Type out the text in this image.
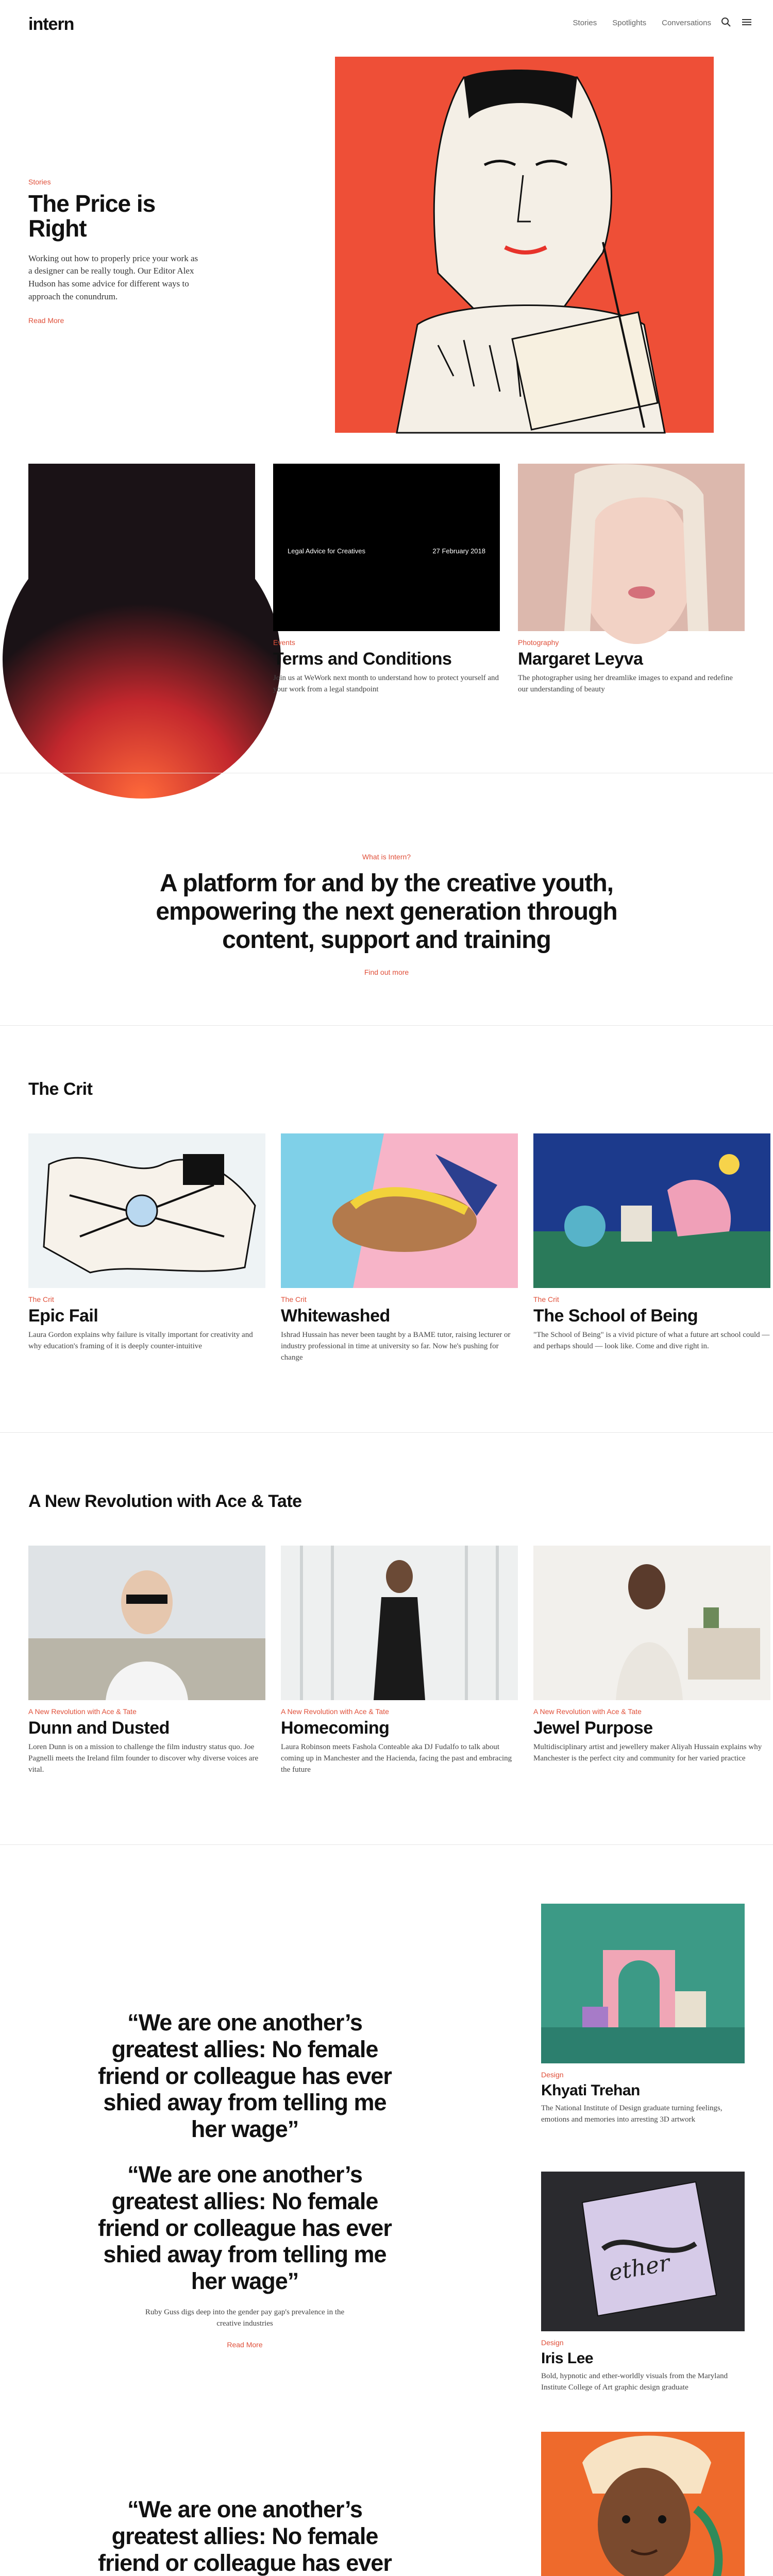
intern	Stories Spotlights Conversations
Stories
The Price is Right
Working out how to properly price your work as a designer can be really tough. Our Editor Alex Hudson has some advice for different ways to approach the conundrum.
Read More
Legal Advice for Creatives	27 February 2018
Events
Terms and Conditions
Join us at WeWork next month to understand how to protect yourself and your work from a legal standpoint
Photography
Margaret Leyva
The photographer using her dreamlike images to expand and redefine our understanding of beauty
What is Intern?
A platform for and by the creative youth, empowering the next generation through content, support and training
Find out more
The Crit
The Crit
Epic Fail
Laura Gordon explains why failure is vitally important for creativity and why education's framing of it is deeply counter-intuitive
The Crit
Whitewashed
Ishrad Hussain has never been taught by a BAME tutor, raising lecturer or industry professional in time at university so far. Now he's pushing for change
The Crit
The School of Being
"The School of Being" is a vivid picture of what a future art school could — and perhaps should — look like. Come and dive right in.
A New Revolution with Ace & Tate
A New Revolution with Ace & Tate
Dunn and Dusted
Loren Dunn is on a mission to challenge the film industry status quo. Joe Pagnelli meets the Ireland film founder to discover why diverse voices are vital.
A New Revolution with Ace & Tate
Homecoming
Laura Robinson meets Fashola Conteable aka DJ Fudalfo to talk about coming up in Manchester and the Hacienda, facing the past and embracing the future
A New Revolution with Ace & Tate
Jewel Purpose
Multidisciplinary artist and jewellery maker Aliyah Hussain explains why Manchester is the perfect city and community for her varied practice
“We are one another’s greatest allies: No female friend or colleague has ever shied away from telling me her wage”
“We are one another’s greatest allies: No female friend or colleague has ever shied away from telling me her wage”
Ruby Guss digs deep into the gender pay gap's prevalence in the creative industries
Read More
“We are one another’s greatest allies: No female friend or colleague has ever
Design
Khyati Trehan
The National Institute of Design graduate turning feelings, emotions and memories into arresting 3D artwork
ether
Design
Iris Lee
Bold, hypnotic and ether-worldly visuals from the Maryland Institute College of Art graphic design graduate
